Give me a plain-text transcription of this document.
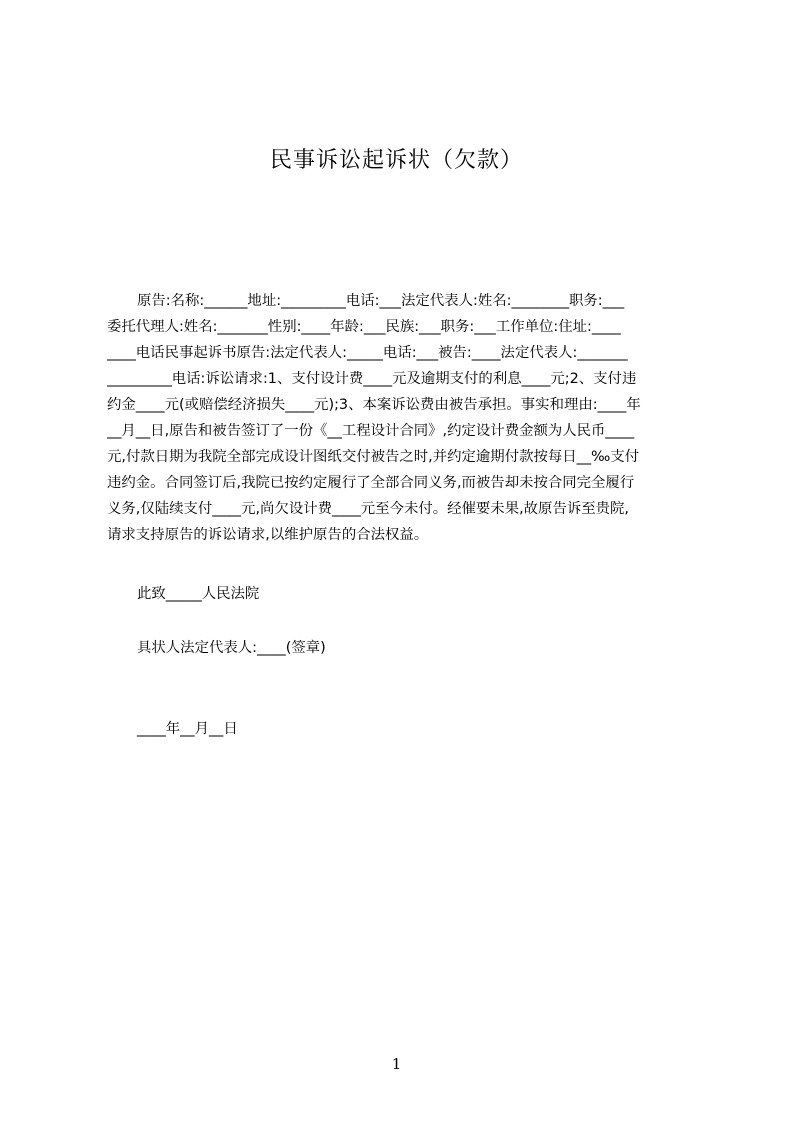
民事诉讼起诉状（欠款）
原告:名称:______地址:_________电话:___法定代表人:姓名:________职务:___
委托代理人:姓名:_______性别:____年龄:___民族:___职务:___工作单位:住址:____
____电话民事起诉书原告:法定代表人:_____电话:___被告:____法定代表人:_______
_________电话:诉讼请求:1、支付设计费____元及逾期支付的利息____元;2、支付违
约金____元(或赔偿经济损失____元);3、本案诉讼费由被告承担。事实和理由:____年
__月__日,原告和被告签订了一份《__工程设计合同》,约定设计费金额为人民币____
元,付款日期为我院全部完成设计图纸交付被告之时,并约定逾期付款按每日__‰支付
违约金。合同签订后,我院已按约定履行了全部合同义务,而被告却未按合同完全履行
义务,仅陆续支付____元,尚欠设计费____元至今未付。经催要未果,故原告诉至贵院,
请求支持原告的诉讼请求,以维护原告的合法权益。
此致_____人民法院
具状人法定代表人:____(签章)
____年__月__日
1
